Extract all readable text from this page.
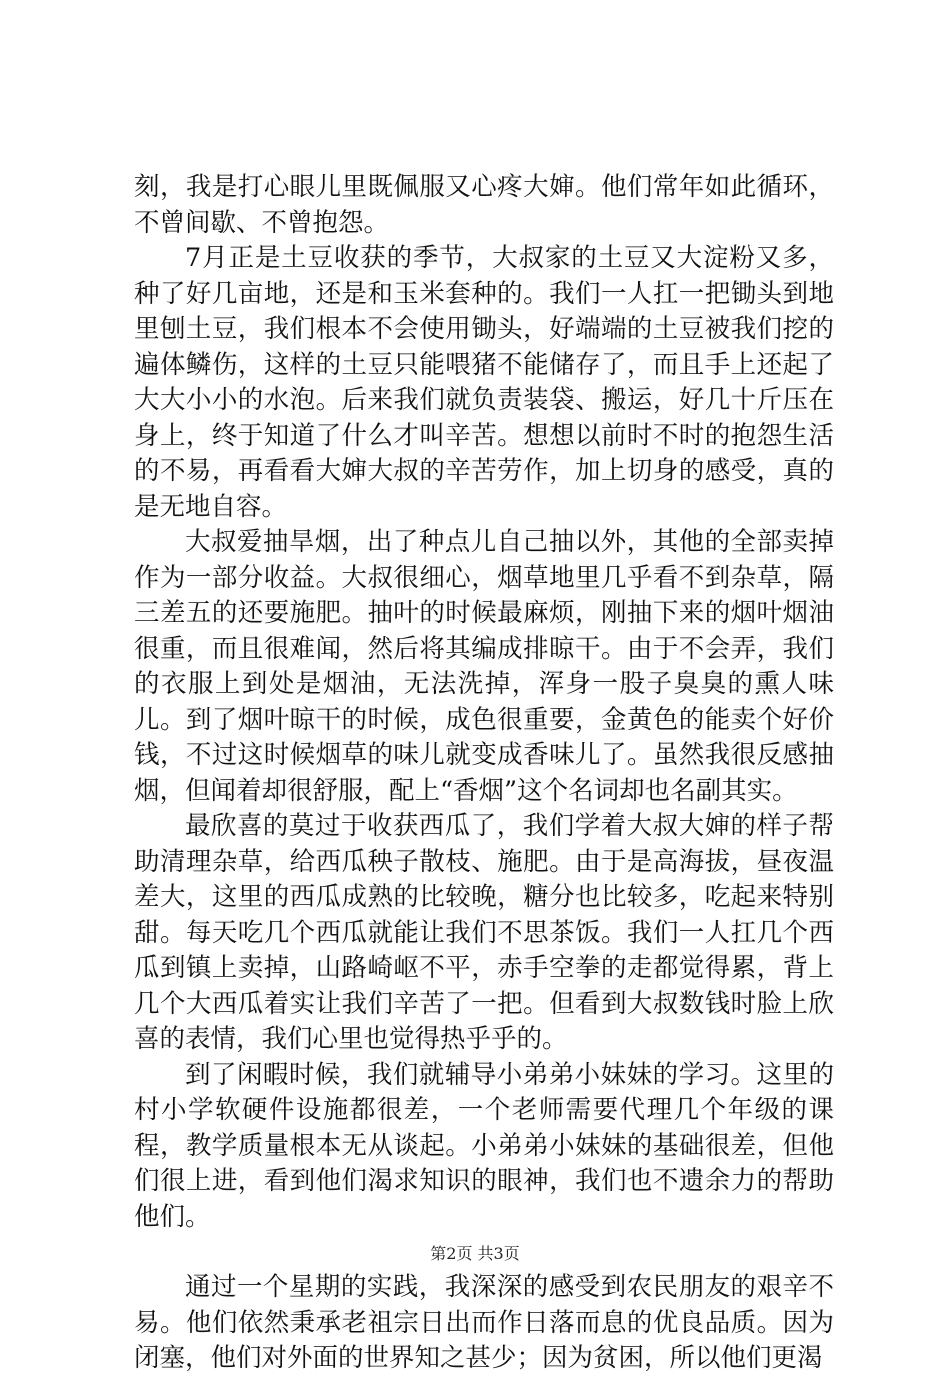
刻，我是打心眼儿里既佩服又心疼大婶。他们常年如此循环，不曾间歇、不曾抱怨。

7月正是土豆收获的季节，大叔家的土豆又大淀粉又多，种了好几亩地，还是和玉米套种的。我们一人扛一把锄头到地里刨土豆，我们根本不会使用锄头，好端端的土豆被我们挖的遍体鳞伤，这样的土豆只能喂猪不能储存了，而且手上还起了大大小小的水泡。后来我们就负责装袋、搬运，好几十斤压在身上，终于知道了什么才叫辛苦。想想以前时不时的抱怨生活的不易，再看看大婶大叔的辛苦劳作，加上切身的感受，真的是无地自容。

大叔爱抽旱烟，出了种点儿自己抽以外，其他的全部卖掉作为一部分收益。大叔很细心，烟草地里几乎看不到杂草，隔三差五的还要施肥。抽叶的时候最麻烦，刚抽下来的烟叶烟油很重，而且很难闻，然后将其编成排晾干。由于不会弄，我们的衣服上到处是烟油，无法洗掉，浑身一股子臭臭的熏人味儿。到了烟叶晾干的时候，成色很重要，金黄色的能卖个好价钱，不过这时候烟草的味儿就变成香味儿了。虽然我很反感抽烟，但闻着却很舒服，配上“香烟”这个名词却也名副其实。

最欣喜的莫过于收获西瓜了，我们学着大叔大婶的样子帮助清理杂草，给西瓜秧子散枝、施肥。由于是高海拔，昼夜温差大，这里的西瓜成熟的比较晚，糖分也比较多，吃起来特别甜。每天吃几个西瓜就能让我们不思茶饭。我们一人扛几个西瓜到镇上卖掉，山路崎岖不平，赤手空拳的走都觉得累，背上几个大西瓜着实让我们辛苦了一把。但看到大叔数钱时脸上欣喜的表情，我们心里也觉得热乎乎的。

到了闲暇时候，我们就辅导小弟弟小妹妹的学习。这里的村小学软硬件设施都很差，一个老师需要代理几个年级的课程，教学质量根本无从谈起。小弟弟小妹妹的基础很差，但他们很上进，看到他们渴求知识的眼神，我们也不遗余力的帮助他们。

通过一个星期的实践，我深深的感受到农民朋友的艰辛不易。他们依然秉承老祖宗日出而作日落而息的优良品质。因为闭塞，他们对外面的世界知之甚少；因为贫困，所以他们更渴

第2页 共3页
